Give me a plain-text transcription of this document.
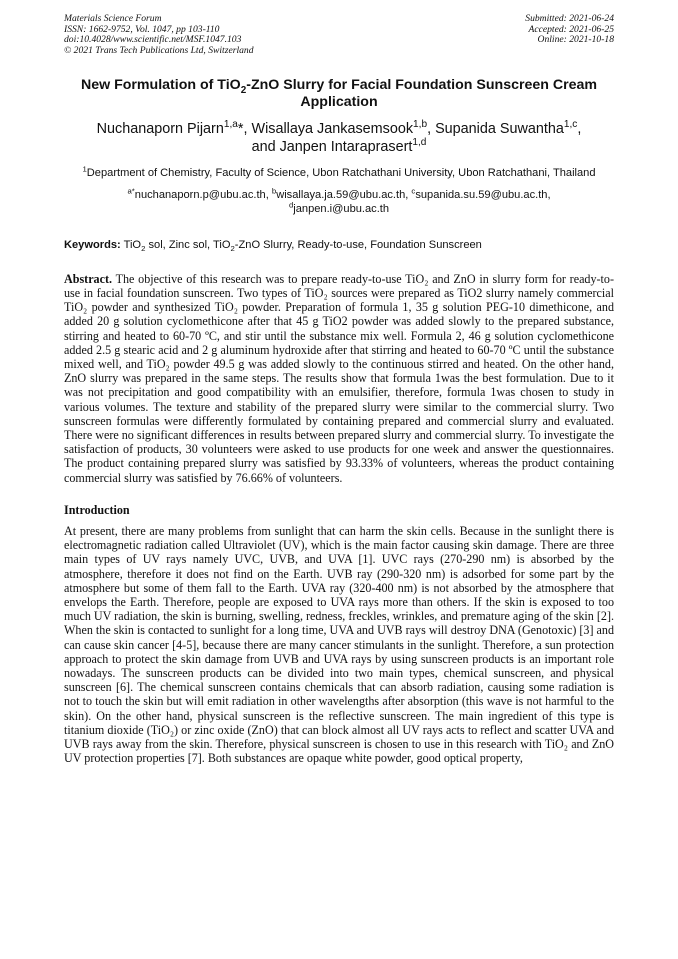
Materials Science Forum
ISSN: 1662-9752, Vol. 1047, pp 103-110
doi:10.4028/www.scientific.net/MSF.1047.103
© 2021 Trans Tech Publications Ltd, Switzerland
Submitted: 2021-06-24
Accepted: 2021-06-25
Online: 2021-10-18
New Formulation of TiO$_2$-ZnO Slurry for Facial Foundation Sunscreen Cream Application
Nuchanaporn Pijarn$^{1,a}$*, Wisallaya Jankasemsook$^{1,b}$, Supanida Suwantha$^{1,c}$,
and Janpen Intaraprasert$^{1,d}$
$^1$Department of Chemistry, Faculty of Science, Ubon Ratchathani University, Ubon Ratchathani, Thailand
$^{a*}$nuchanaporn.p@ubu.ac.th, $^b$wisallaya.ja.59@ubu.ac.th, $^c$supanida.su.59@ubu.ac.th,
$^d$janpen.i@ubu.ac.th
Keywords: TiO$_2$ sol, Zinc sol, TiO$_2$-ZnO Slurry, Ready-to-use, Foundation Sunscreen
Abstract. The objective of this research was to prepare ready-to-use TiO₂ and ZnO in slurry form for ready-to-use in facial foundation sunscreen. Two types of TiO₂ sources were prepared as TiO2 slurry namely commercial TiO₂ powder and synthesized TiO₂ powder. Preparation of formula 1, 35 g solution PEG-10 dimethicone, and added 20 g solution cyclomethicone after that 45 g TiO2 powder was added slowly to the prepared substance, stirring and heated to 60-70 ºC, and stir until the substance mix well. Formula 2, 46 g solution cyclomethicone added 2.5 g stearic acid and 2 g aluminum hydroxide after that stirring and heated to 60-70 ºC until the substance mixed well, and TiO₂ powder 49.5 g was added slowly to the continuous stirred and heated. On the other hand, ZnO slurry was prepared in the same steps. The results show that formula 1was the best formulation. Due to it was not precipitation and good compatibility with an emulsifier, therefore, formula 1was chosen to study in various volumes. The texture and stability of the prepared slurry were similar to the commercial slurry. Two sunscreen formulas were differently formulated by containing prepared and commercial slurry and evaluated. There were no significant differences in results between prepared slurry and commercial slurry. To investigate the satisfaction of products, 30 volunteers were asked to use products for one week and answer the questionnaires. The product containing prepared slurry was satisfied by 93.33% of volunteers, whereas the product containing commercial slurry was satisfied by 76.66% of volunteers.
Introduction
At present, there are many problems from sunlight that can harm the skin cells. Because in the sunlight there is electromagnetic radiation called Ultraviolet (UV), which is the main factor causing skin damage. There are three main types of UV rays namely UVC, UVB, and UVA [1]. UVC rays (270-290 nm) is absorbed by the atmosphere, therefore it does not find on the Earth. UVB ray (290-320 nm) is adsorbed for some part by the atmosphere but some of them fall to the Earth. UVA ray (320-400 nm) is not absorbed by the atmosphere that envelops the Earth. Therefore, people are exposed to UVA rays more than others. If the skin is exposed to too much UV radiation, the skin is burning, swelling, redness, freckles, wrinkles, and premature aging of the skin [2]. When the skin is contacted to sunlight for a long time, UVA and UVB rays will destroy DNA (Genotoxic) [3] and can cause skin cancer [4-5], because there are many cancer stimulants in the sunlight. Therefore, a sun protection approach to protect the skin damage from UVB and UVA rays by using sunscreen products is an important role nowadays. The sunscreen products can be divided into two main types, chemical sunscreen, and physical sunscreen [6]. The chemical sunscreen contains chemicals that can absorb radiation, causing some radiation is not to touch the skin but will emit radiation in other wavelengths after absorption (this wave is not harmful to the skin). On the other hand, physical sunscreen is the reflective sunscreen. The main ingredient of this type is titanium dioxide (TiO₂) or zinc oxide (ZnO) that can block almost all UV rays acts to reflect and scatter UVA and UVB rays away from the skin. Therefore, physical sunscreen is chosen to use in this research with TiO₂ and ZnO UV protection properties [7]. Both substances are opaque white powder, good optical property,
